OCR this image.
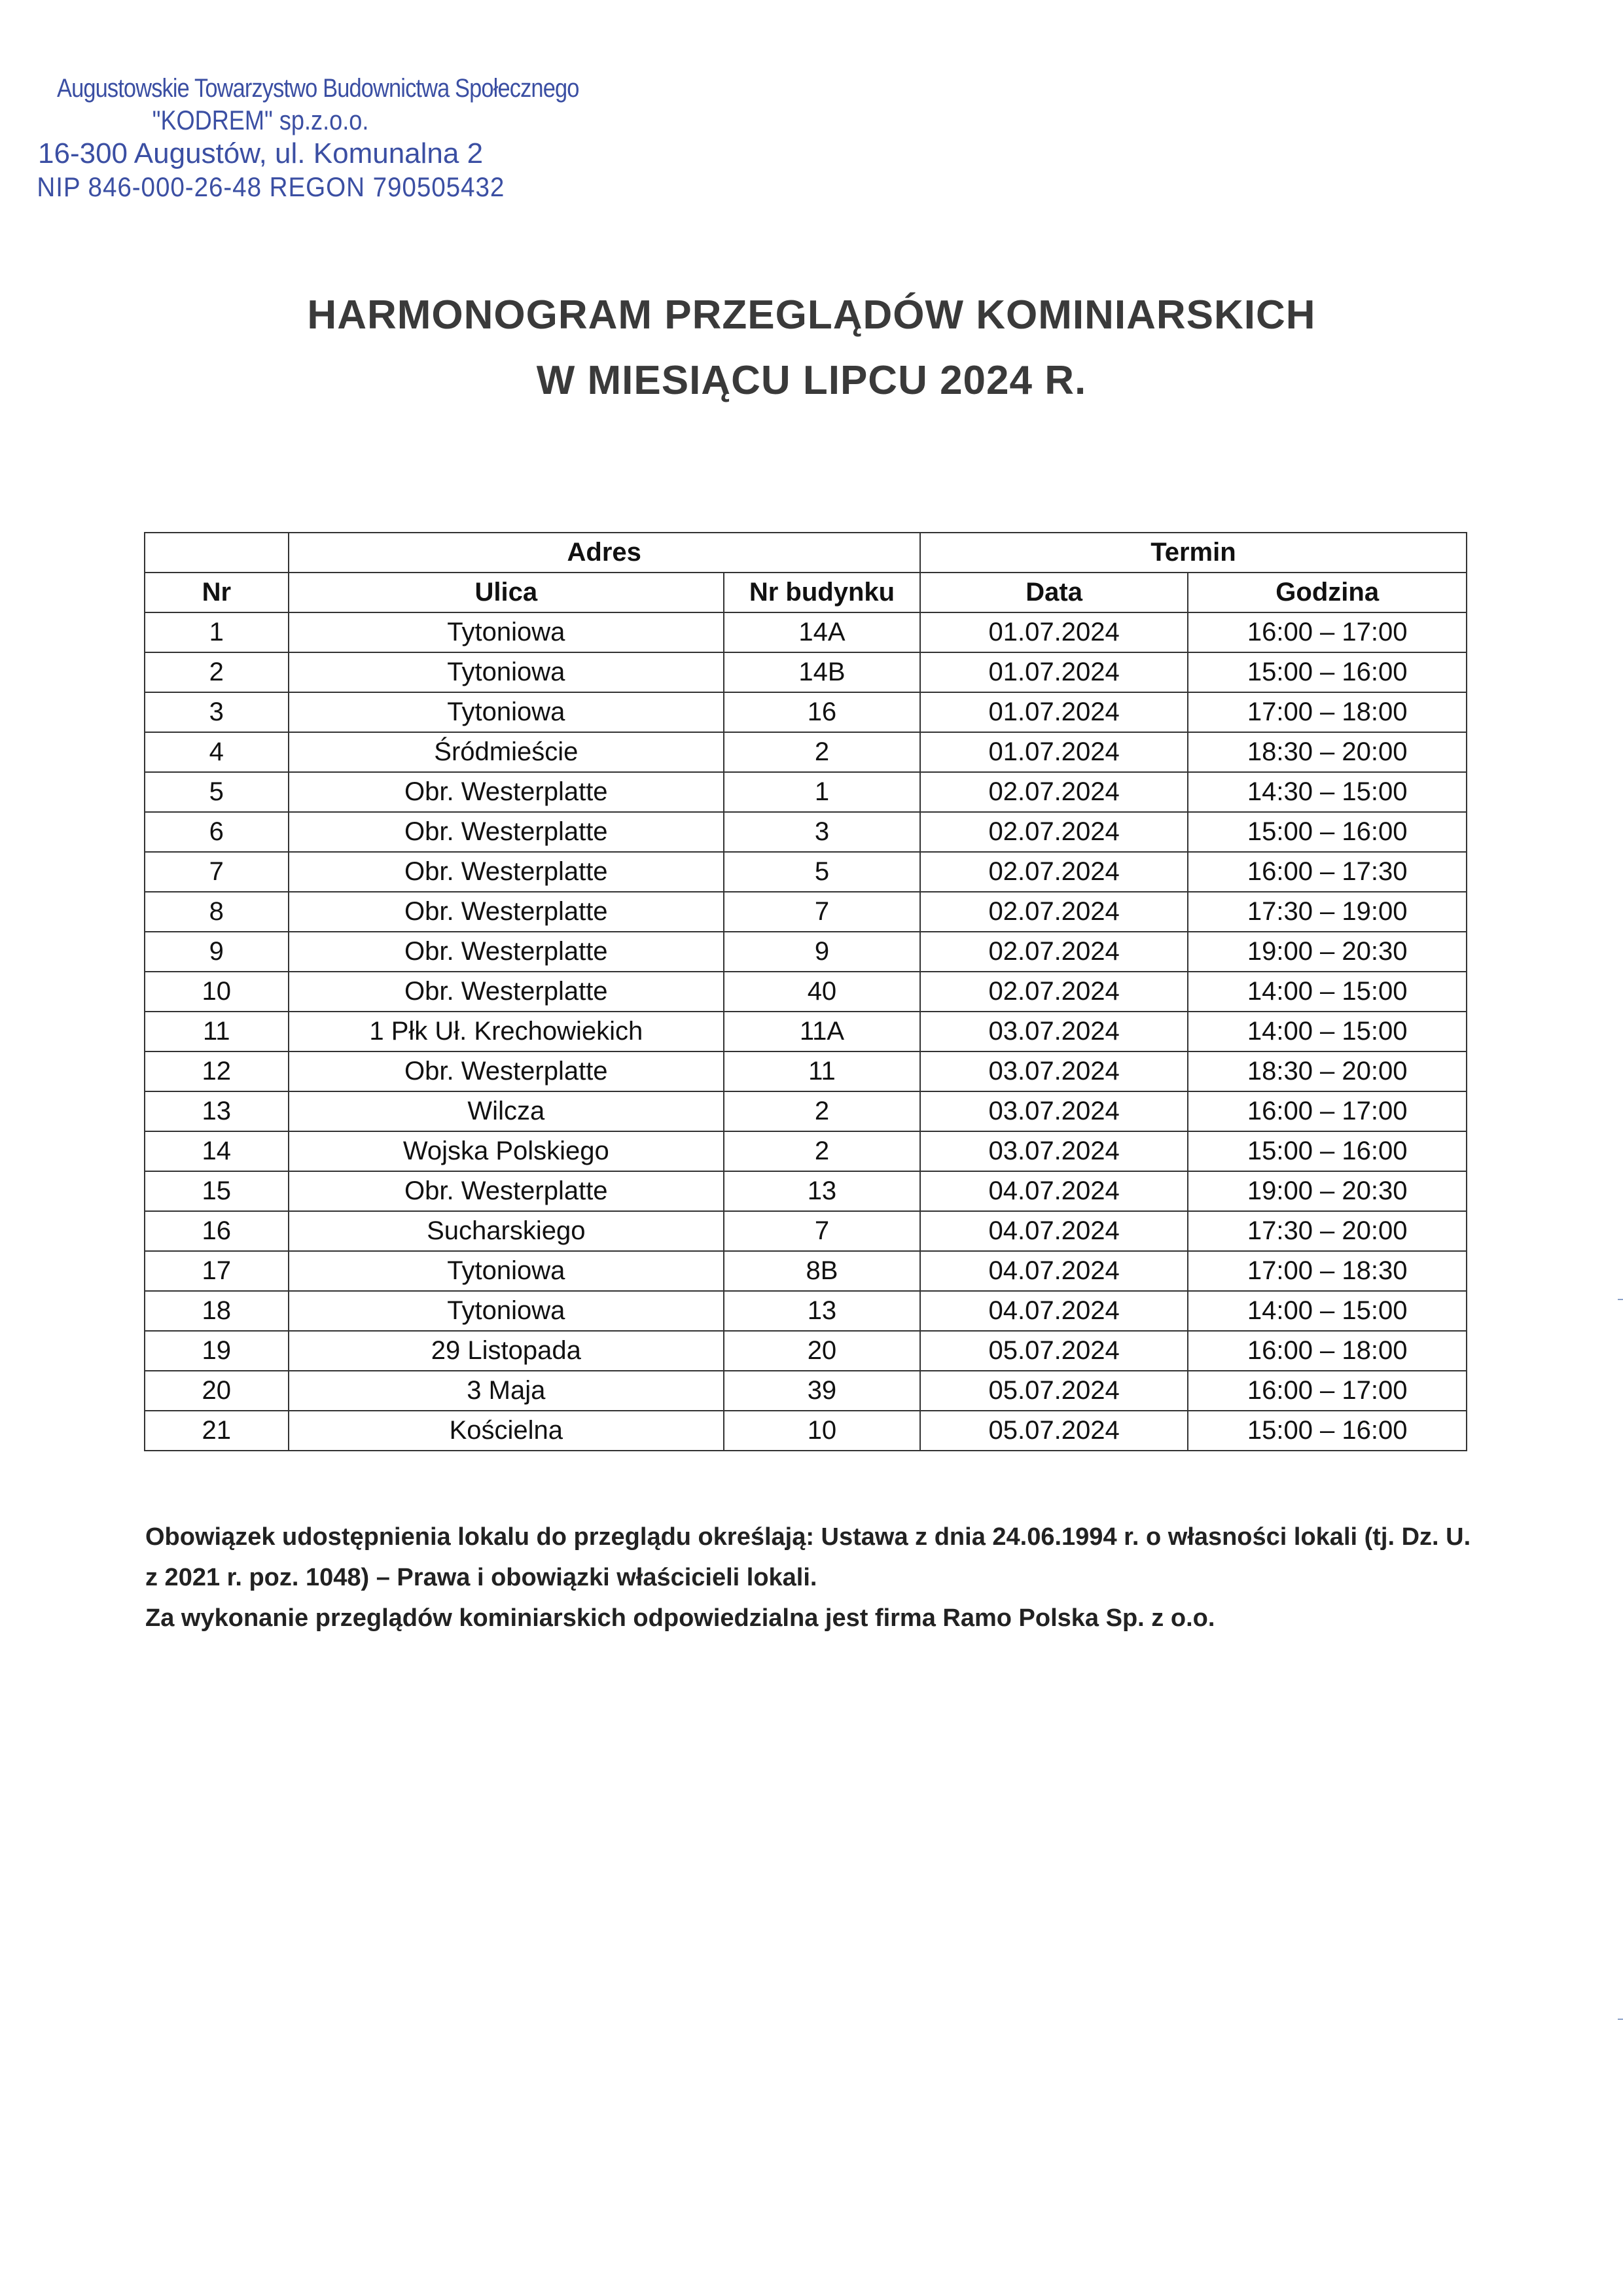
Augustowskie Towarzystwo Budownictwa Społecznego
"KODREM" sp.z.o.o.
16-300 Augustów, ul. Komunalna 2
NIP 846-000-26-48 REGON 790505432
HARMONOGRAM PRZEGLĄDÓW KOMINIARSKICH
W MIESIĄCU LIPCU 2024 R.
	Adres		Termin	
Nr	Ulica	Nr budynku	Data	Godzina
1	Tytoniowa	14A	01.07.2024	16:00 – 17:00
2	Tytoniowa	14B	01.07.2024	15:00 – 16:00
3	Tytoniowa	16	01.07.2024	17:00 – 18:00
4	Śródmieście	2	01.07.2024	18:30 – 20:00
5	Obr. Westerplatte	1	02.07.2024	14:30 – 15:00
6	Obr. Westerplatte	3	02.07.2024	15:00 – 16:00
7	Obr. Westerplatte	5	02.07.2024	16:00 – 17:30
8	Obr. Westerplatte	7	02.07.2024	17:30 – 19:00
9	Obr. Westerplatte	9	02.07.2024	19:00 – 20:30
10	Obr. Westerplatte	40	02.07.2024	14:00 – 15:00
11	1 Płk Uł. Krechowiekich	11A	03.07.2024	14:00 – 15:00
12	Obr. Westerplatte	11	03.07.2024	18:30 – 20:00
13	Wilcza	2	03.07.2024	16:00 – 17:00
14	Wojska Polskiego	2	03.07.2024	15:00 – 16:00
15	Obr. Westerplatte	13	04.07.2024	19:00 – 20:30
16	Sucharskiego	7	04.07.2024	17:30 – 20:00
17	Tytoniowa	8B	04.07.2024	17:00 – 18:30
18	Tytoniowa	13	04.07.2024	14:00 – 15:00
19	29 Listopada	20	05.07.2024	16:00 – 18:00
20	3 Maja	39	05.07.2024	16:00 – 17:00
21	Kościelna	10	05.07.2024	15:00 – 16:00

Obowiązek udostępnienia lokalu do przeglądu określają: Ustawa z dnia 24.06.1994 r. o własności lokali (tj. Dz. U. z 2021 r. poz. 1048) – Prawa i obowiązki właścicieli lokali.

Za wykonanie przeglądów kominiarskich odpowiedzialna jest firma Ramo Polska Sp. z o.o.
